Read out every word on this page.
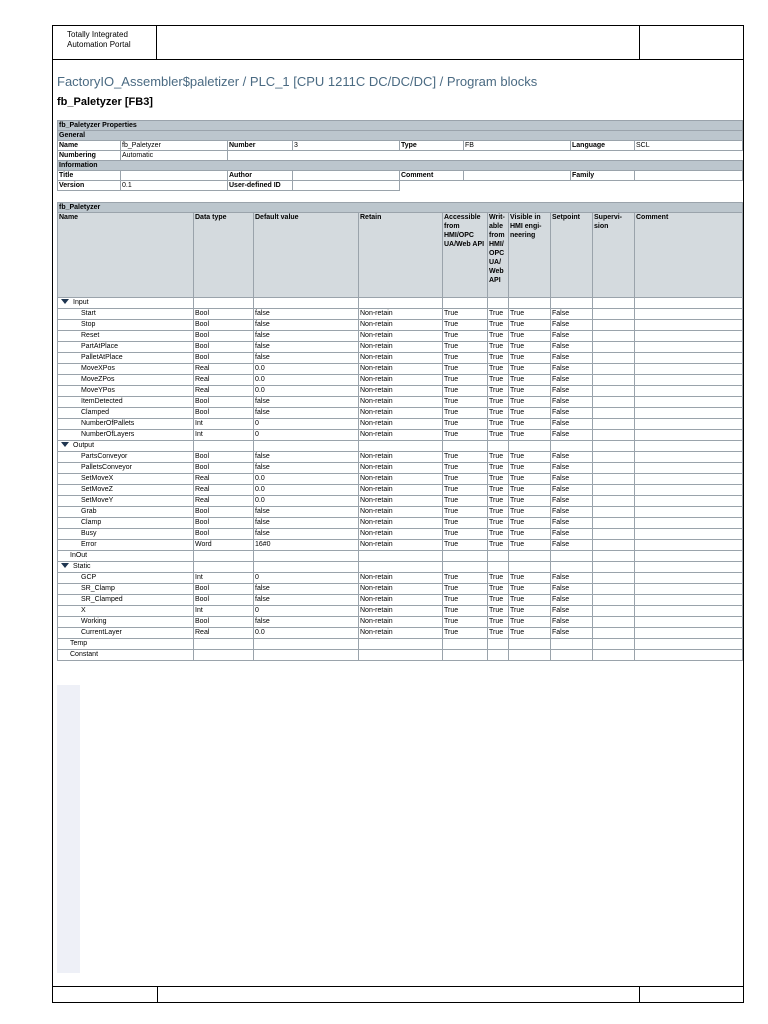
Totally Integrated
Automation Portal
FactoryIO_Assembler$paletizer / PLC_1 [CPU 1211C DC/DC/DC] / Program blocks
fb_Paletyzer [FB3]
fb_Paletyzer Properties							
General							
Name	fb_Paletyzer	Number	3	Type	FB	Language	SCL
Numbering	Automatic						
Information							
Title		Author		Comment		Family	
Version	0.1	User-defined ID					
fb_Paletyzer									
Name	Data type	Default value	Retain	Accessible from HMI/OPC UA/Web API	Writ-able from HMI/ OPC UA/ Web API	Visible in HMI engi-neering	Setpoint	Supervi-sion	Comment
Input									
Start	Bool	false	Non-retain	True	True	True	False		
Stop	Bool	false	Non-retain	True	True	True	False		
Reset	Bool	false	Non-retain	True	True	True	False		
PartAtPlace	Bool	false	Non-retain	True	True	True	False		
PalletAtPlace	Bool	false	Non-retain	True	True	True	False		
MoveXPos	Real	0.0	Non-retain	True	True	True	False		
MoveZPos	Real	0.0	Non-retain	True	True	True	False		
MoveYPos	Real	0.0	Non-retain	True	True	True	False		
ItemDetected	Bool	false	Non-retain	True	True	True	False		
Clamped	Bool	false	Non-retain	True	True	True	False		
NumberOfPallets	Int	0	Non-retain	True	True	True	False		
NumberOfLayers	Int	0	Non-retain	True	True	True	False		
Output									
PartsConveyor	Bool	false	Non-retain	True	True	True	False		
PalletsConveyor	Bool	false	Non-retain	True	True	True	False		
SetMoveX	Real	0.0	Non-retain	True	True	True	False		
SetMoveZ	Real	0.0	Non-retain	True	True	True	False		
SetMoveY	Real	0.0	Non-retain	True	True	True	False		
Grab	Bool	false	Non-retain	True	True	True	False		
Clamp	Bool	false	Non-retain	True	True	True	False		
Busy	Bool	false	Non-retain	True	True	True	False		
Error	Word	16#0	Non-retain	True	True	True	False		
InOut									
Static									
GCP	Int	0	Non-retain	True	True	True	False		
SR_Clamp	Bool	false	Non-retain	True	True	True	False		
SR_Clamped	Bool	false	Non-retain	True	True	True	False		
X	Int	0	Non-retain	True	True	True	False		
Working	Bool	false	Non-retain	True	True	True	False		
CurrentLayer	Real	0.0	Non-retain	True	True	True	False		
Temp									
Constant									
